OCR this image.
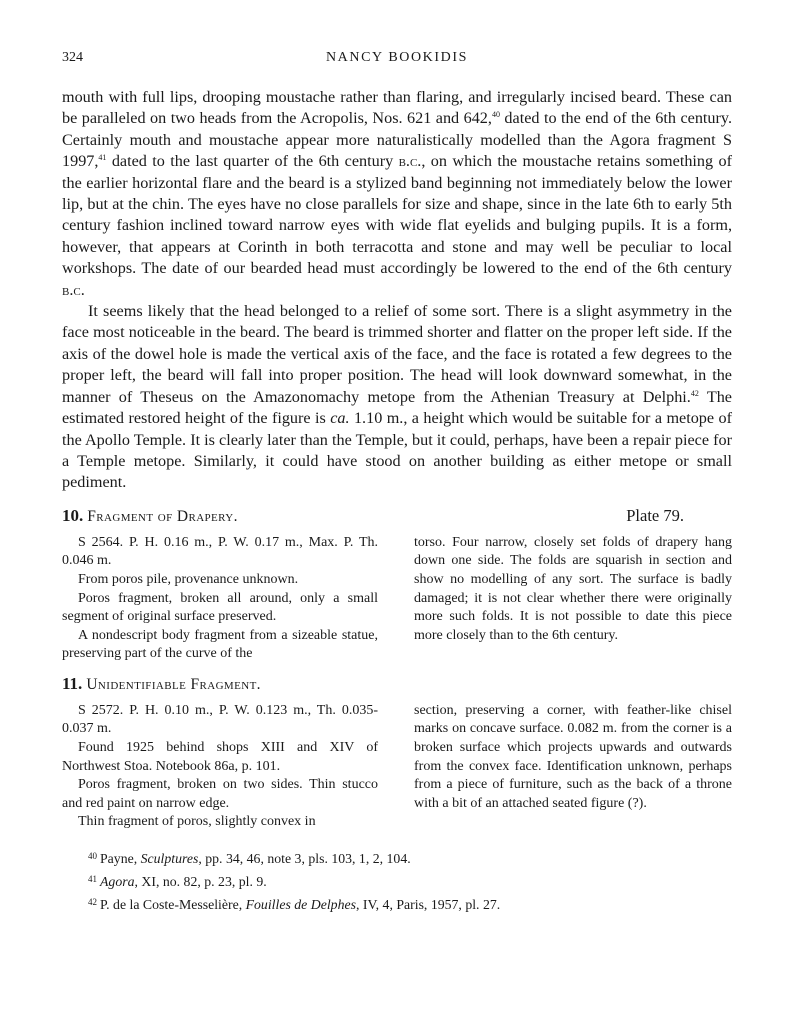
324	NANCY BOOKIDIS

mouth with full lips, drooping moustache rather than flaring, and irregularly incised beard. These can be paralleled on two heads from the Acropolis, Nos. 621 and 642,40 dated to the end of the 6th century. Certainly mouth and moustache appear more naturalistically modelled than the Agora fragment S 1997,41 dated to the last quarter of the 6th century b.c., on which the moustache retains something of the earlier horizontal flare and the beard is a stylized band beginning not immediately below the lower lip, but at the chin. The eyes have no close parallels for size and shape, since in the late 6th to early 5th century fashion inclined toward narrow eyes with wide flat eyelids and bulging pupils. It is a form, however, that appears at Corinth in both terracotta and stone and may well be peculiar to local workshops. The date of our bearded head must accordingly be lowered to the end of the 6th century b.c.

It seems likely that the head belonged to a relief of some sort. There is a slight asymmetry in the face most noticeable in the beard. The beard is trimmed shorter and flatter on the proper left side. If the axis of the dowel hole is made the vertical axis of the face, and the face is rotated a few degrees to the proper left, the beard will fall into proper position. The head will look downward somewhat, in the manner of Theseus on the Amazonomachy metope from the Athenian Treasury at Delphi.$^{42}$ The estimated restored height of the figure is ca. 1.10 m., a height which would be suitable for a metope of the Apollo Temple. It is clearly later than the Temple, but it could, perhaps, have been a repair piece for a Temple metope. Similarly, it could have stood on another building as either metope or small pediment.

10. Fragment of Drapery.	Plate 79.

S 2564. P. H. 0.16 m., P. W. 0.17 m., Max. P. Th. 0.046 m.

From poros pile, provenance unknown.

Poros fragment, broken all around, only a small segment of original surface preserved.

A nondescript body fragment from a sizeable statue, preserving part of the curve of the

torso. Four narrow, closely set folds of drapery hang down one side. The folds are squarish in section and show no modelling of any sort. The surface is badly damaged; it is not clear whether there were originally more such folds. It is not possible to date this piece more closely than to the 6th century.

11. Unidentifiable Fragment.

S 2572. P. H. 0.10 m., P. W. 0.123 m., Th. 0.035-0.037 m.

Found 1925 behind shops XIII and XIV of Northwest Stoa. Notebook 86a, p. 101.

Poros fragment, broken on two sides. Thin stucco and red paint on narrow edge.

Thin fragment of poros, slightly convex in

section, preserving a corner, with feather-like chisel marks on concave surface. 0.082 m. from the corner is a broken surface which projects upwards and outwards from the convex face. Identification unknown, perhaps from a piece of furniture, such as the back of a throne with a bit of an attached seated figure (?).

$^{40}$ Payne, Sculptures, pp. 34, 46, note 3, pls. 103, 1, 2, 104.
$^{41}$ Agora, XI, no. 82, p. 23, pl. 9.
$^{42}$ P. de la Coste-Messelière, Fouilles de Delphes, IV, 4, Paris, 1957, pl. 27.
